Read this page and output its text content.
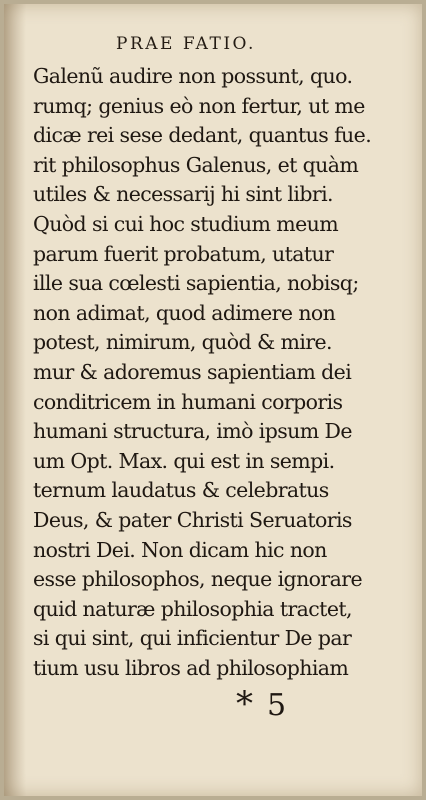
PRAE FATIO.
Galenũ audire non possunt, quo.
rumq; genius eò non fertur, ut me
dicæ rei sese dedant, quantus fue.
rit philosophus Galenus, et quàm
utiles & necessarij hi sint libri.
Quòd si cui hoc studium meum
parum fuerit probatum, utatur
ille sua cœlesti sapientia, nobisq;
non adimat, quod adimere non
potest, nimirum, quòd & mire.
mur & adoremus sapientiam dei
conditricem in humani corporis
humani structura, imò ipsum De
um Opt. Max. qui est in sempi.
ternum laudatus & celebratus
Deus, & pater Christi Seruatoris
nostri Dei. Non dicam hic non
esse philosophos, neque ignorare
quid naturæ philosophia tractet,
si qui sint, qui inficientur De par
tium usu libros ad philosophiam
* 5
